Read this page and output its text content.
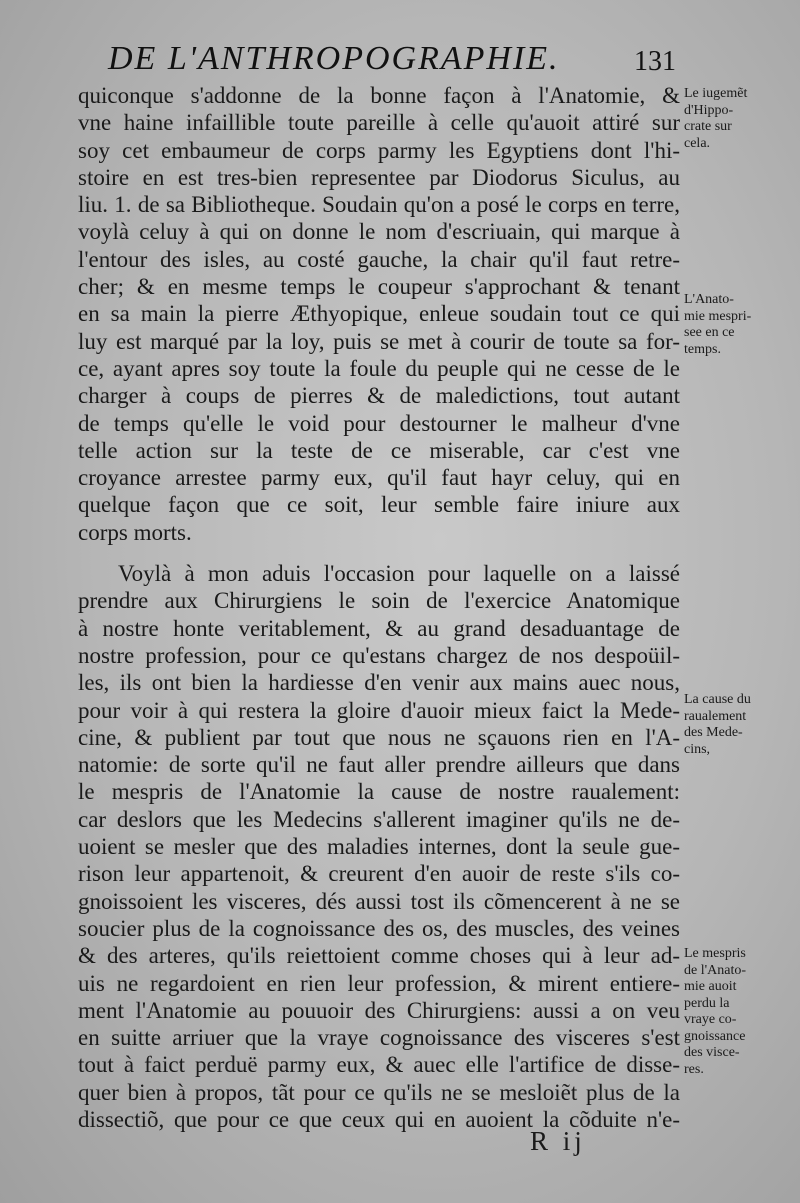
DE L'ANTHROPOGRAPHIE.	131
quiconque s'addonne de la bonne façon à l'Anatomie, &
vne haine infaillible toute pareille à celle qu'auoit attiré sur
soy cet embaumeur de corps parmy les Egyptiens dont l'hi-
stoire en est tres-bien representee par Diodorus Siculus, au
liu. 1. de sa Bibliotheque. Soudain qu'on a posé le corps en terre,
voylà celuy à qui on donne le nom d'escriuain, qui marque à
l'entour des isles, au costé gauche, la chair qu'il faut retre-
cher; & en mesme temps le coupeur s'approchant & tenant
en sa main la pierre Æthyopique, enleue soudain tout ce qui
luy est marqué par la loy, puis se met à courir de toute sa for-
ce, ayant apres soy toute la foule du peuple qui ne cesse de le
charger à coups de pierres & de maledictions, tout autant
de temps qu'elle le void pour destourner le malheur d'vne
telle action sur la teste de ce miserable, car c'est vne
croyance arrestee parmy eux, qu'il faut hayr celuy, qui en
quelque façon que ce soit, leur semble faire iniure aux
corps morts.
Voylà à mon aduis l'occasion pour laquelle on a laissé
prendre aux Chirurgiens le soin de l'exercice Anatomique
à nostre honte veritablement, & au grand desaduantage de
nostre profession, pour ce qu'estans chargez de nos despoüil-
les, ils ont bien la hardiesse d'en venir aux mains auec nous,
pour voir à qui restera la gloire d'auoir mieux faict la Mede-
cine, & publient par tout que nous ne sçauons rien en l'A-
natomie: de sorte qu'il ne faut aller prendre ailleurs que dans
le mespris de l'Anatomie la cause de nostre raualement:
car deslors que les Medecins s'allerent imaginer qu'ils ne de-
uoient se mesler que des maladies internes, dont la seule gue-
rison leur appartenoit, & creurent d'en auoir de reste s'ils co-
gnoissoient les visceres, dés aussi tost ils cõmencerent à ne se
soucier plus de la cognoissance des os, des muscles, des veines
& des arteres, qu'ils reiettoient comme choses qui à leur ad-
uis ne regardoient en rien leur profession, & mirent entiere-
ment l'Anatomie au pouuoir des Chirurgiens: aussi a on veu
en suitte arriuer que la vraye cognoissance des visceres s'est
tout à faict perduë parmy eux, & auec elle l'artifice de disse-
quer bien à propos, tãt pour ce qu'ils ne se mesloiẽt plus de la
dissectiõ, que pour ce que ceux qui en auoient la cõduite n'e-
Le iugemẽt
d'Hippo-
crate sur
cela.
L'Anato-
mie mespri-
see en ce
temps.
La cause du
raualement
des Mede-
cins,
Le mespris
de l'Anato-
mie auoit
perdu la
vraye co-
gnoissance
des visce-
res.
R ij
